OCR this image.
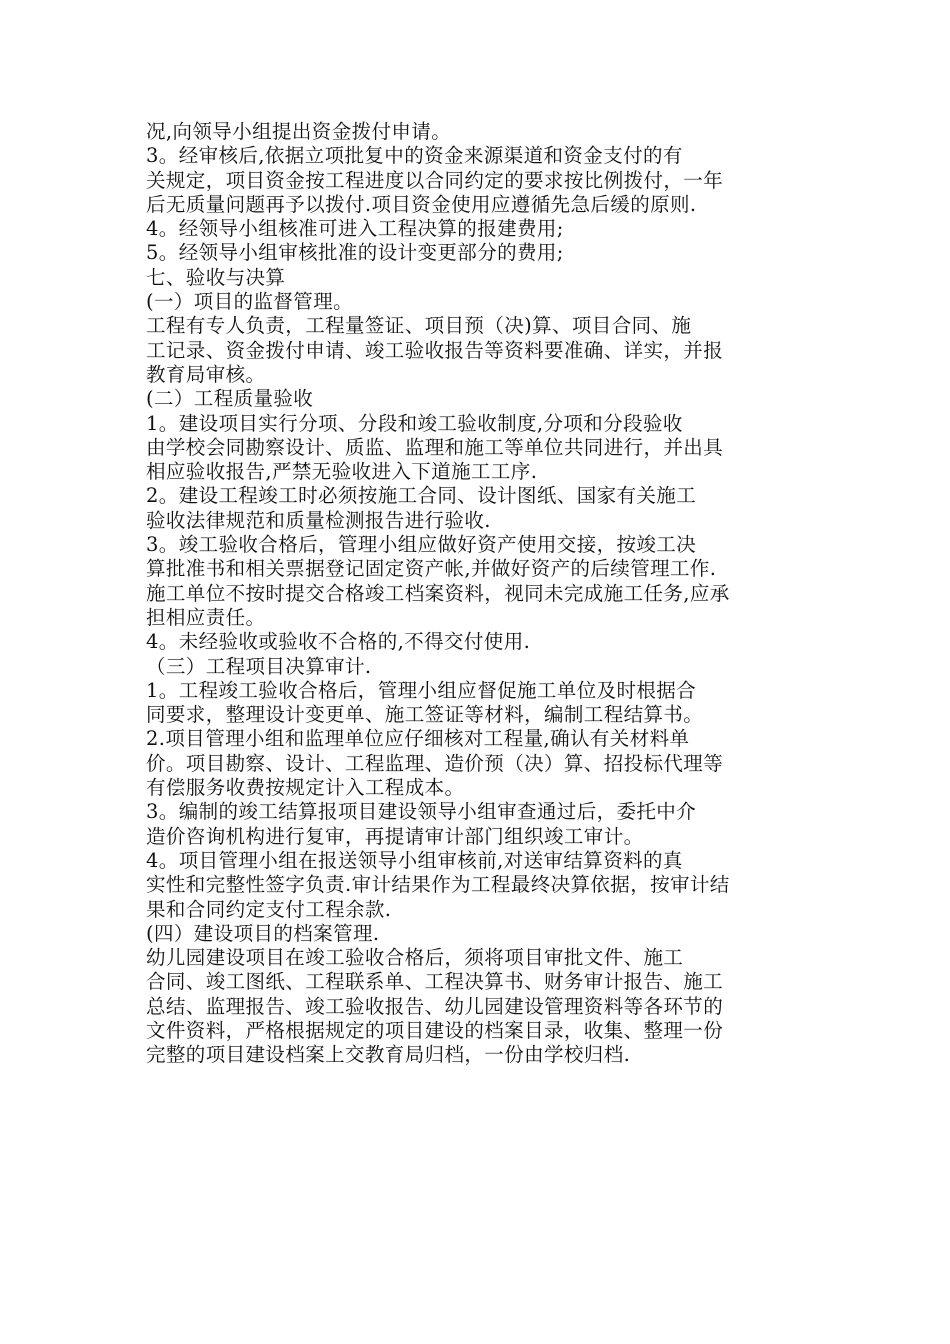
况,向领导小组提出资金拨付申请。
3。经审核后,依据立项批复中的资金来源渠道和资金支付的有
关规定，项目资金按工程进度以合同约定的要求按比例拨付，一年
后无质量问题再予以拨付.项目资金使用应遵循先急后缓的原则.
4。经领导小组核准可进入工程决算的报建费用;
5。经领导小组审核批准的设计变更部分的费用;
七、验收与决算
(一）项目的监督管理。
工程有专人负责，工程量签证、项目预（决)算、项目合同、施
工记录、资金拨付申请、竣工验收报告等资料要准确、详实，并报
教育局审核。
(二）工程质量验收
1。建设项目实行分项、分段和竣工验收制度,分项和分段验收
由学校会同勘察设计、质监、监理和施工等单位共同进行，并出具
相应验收报告,严禁无验收进入下道施工工序.
2。建设工程竣工时必须按施工合同、设计图纸、国家有关施工
验收法律规范和质量检测报告进行验收.
3。竣工验收合格后，管理小组应做好资产使用交接，按竣工决
算批准书和相关票据登记固定资产帐,并做好资产的后续管理工作.
施工单位不按时提交合格竣工档案资料，视同未完成施工任务,应承
担相应责任。
4。未经验收或验收不合格的,不得交付使用.
（三）工程项目决算审计.
1。工程竣工验收合格后，管理小组应督促施工单位及时根据合
同要求，整理设计变更单、施工签证等材料，编制工程结算书。
2.项目管理小组和监理单位应仔细核对工程量,确认有关材料单
价。项目勘察、设计、工程监理、造价预（决）算、招投标代理等
有偿服务收费按规定计入工程成本。
3。编制的竣工结算报项目建设领导小组审查通过后，委托中介
造价咨询机构进行复审，再提请审计部门组织竣工审计。
4。项目管理小组在报送领导小组审核前,对送审结算资料的真
实性和完整性签字负责.审计结果作为工程最终决算依据，按审计结
果和合同约定支付工程余款.
(四）建设项目的档案管理.
幼儿园建设项目在竣工验收合格后，须将项目审批文件、施工
合同、竣工图纸、工程联系单、工程决算书、财务审计报告、施工
总结、监理报告、竣工验收报告、幼儿园建设管理资料等各环节的
文件资料，严格根据规定的项目建设的档案目录，收集、整理一份
完整的项目建设档案上交教育局归档，一份由学校归档.
